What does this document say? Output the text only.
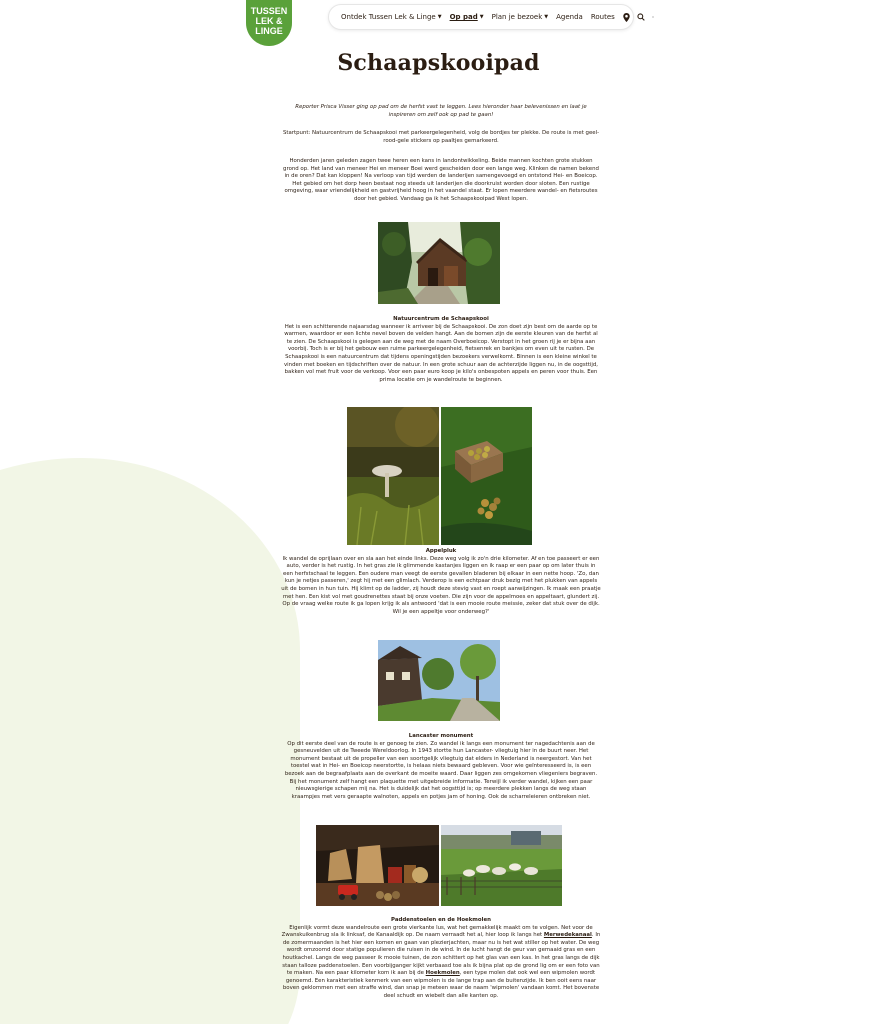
TUSSEN
LEK &
LINGE
Ontdek Tussen Lek & Linge ▼ Op pad ▼ Plan je bezoek ▼ Agenda Routes
Schaapskooipad

Reporter Prisca Visser ging op pad om de herfst vast te leggen. Lees hieronder haar belevenissen en laat je inspireren om zelf ook op pad te gaan!

Startpunt: Natuurcentrum de Schaapskooi met parkeergelegenheid, volg de bordjes ter plekke. De route is met geel-rood-gele stickers op paaltjes gemarkeerd.

Honderden jaren geleden zagen twee heren een kans in landontwikkeling. Beide mannen kochten grote stukken grond op. Het land van meneer Hei en meneer Boei werd gescheiden door een lange weg. Klinken de namen bekend in de oren? Dat kan kloppen! Na verloop van tijd werden de landerijen samengevoegd en ontstond Hei- en Boeicop. Het gebied om het dorp heen bestaat nog steeds uit landerijen die doorkruist worden door sloten. Een rustige omgeving, waar vriendelijkheid en gastvrijheid hoog in het vaandel staat. Er lopen meerdere wandel- en fietsroutes door het gebied. Vandaag ga ik het Schaapskooipad West lopen.

Natuurcentrum de Schaapskooi
Het is een schitterende najaarsdag wanneer ik arriveer bij de Schaapskooi. De zon doet zijn best om de aarde op te warmen, waardoor er een lichte nevel boven de velden hangt. Aan de bomen zijn de eerste kleuren van de herfst al te zien. De Schaapskooi is gelegen aan de weg met de naam Overboeicop. Verstopt in het groen rij je er bijna aan voorbij. Toch is er bij het gebouw een ruime parkeergelegenheid, fietsenrek en bankjes om even uit te rusten. De Schaapskooi is een natuurcentrum dat tijdens openingstijden bezoekers verwelkomt. Binnen is een kleine winkel te vinden met boeken en tijdschriften over de natuur. In een grote schuur aan de achterzijde liggen nu, in de oogsttijd, bakken vol met fruit voor de verkoop. Voor een paar euro koop je kilo's onbespoten appels en peren voor thuis. Een prima locatie om je wandelroute te beginnen.

Appelpluk
Ik wandel de oprijlaan over en sla aan het einde links. Deze weg volg ik zo'n drie kilometer. Af en toe passeert er een auto, verder is het rustig. In het gras zie ik glimmende kastanjes liggen en ik raap er een paar op om later thuis in een herfstschaal te leggen. Een oudere man veegt de eerste gevallen bladeren bij elkaar in een nette hoop. 'Zo, dan kun je netjes passeren,' zegt hij met een glimlach. Verderop is een echtpaar druk bezig met het plukken van appels uit de bomen in hun tuin. Hij klimt op de ladder, zij houdt deze stevig vast en roept aanwijzingen. Ik maak een praatje met hen. Een kist vol met goudrenettes staat bij onze voeten. Die zijn voor de appelmoes en appeltaart, glundert zij. Op de vraag welke route ik ga lopen krijg ik als antwoord 'dat is een mooie route meissie, zeker dat stuk over de dijk. Wil je een appeltje voor onderweg?'

Lancaster monument
Op dit eerste deel van de route is er genoeg te zien. Zo wandel ik langs een monument ter nagedachtenis aan de gesneuvelden uit de Tweede Wereldoorlog. In 1943 stortte hun Lancaster- vliegtuig hier in de buurt neer. Het monument bestaat uit de propeller van een soortgelijk vliegtuig dat elders in Nederland is neergestort. Van het toestel wat in Hei- en Boeicop neerstortte, is helaas niets bewaard gebleven. Voor wie geïnteresseerd is, is een bezoek aan de begraafplaats aan de overkant de moeite waard. Daar liggen zes omgekomen vliegeniers begraven. Bij het monument zelf hangt een plaquette met uitgebreide informatie. Terwijl ik verder wandel, kijken een paar nieuwsgierige schapen mij na. Het is duidelijk dat het oogsttijd is; op meerdere plekken langs de weg staan kraampjes met vers geraapte walnoten, appels en potjes jam of honing. Ook de scharreleieren ontbreken niet.

Paddenstoelen en de Hoekmolen
Eigenlijk vormt deze wandelroute een grote vierkante lus, wat het gemakkelijk maakt om te volgen. Net voor de Zwanskuikenbrug sla ik linksaf, de Kanaaldijk op. De naam verraadt het al, hier loop ik langs het Merwedekanaal. In de zomermaanden is het hier een komen en gaan van plezierjachten, maar nu is het wat stiller op het water. De weg wordt omzoomd door statige populieren die ruisen in de wind. In de lucht hangt de geur van gemaaid gras en een houtkachel. Langs de weg passeer ik mooie tuinen, de zon schittert op het glas van een kas. In het gras langs de dijk staan talloze paddenstoelen. Een voorbijganger kijkt verbaasd toe als ik bijna plat op de grond lig om er een foto van te maken. Na een paar kilometer kom ik aan bij de Hoekmolen, een type molen dat ook wel een wipmolen wordt genoemd. Een karakteristiek kenmerk van een wipmolen is de lange trap aan de buitenzijde. Ik ben ooit eens naar boven geklommen met een straffe wind, dan snap je meteen waar de naam 'wipmolen' vandaan komt. Het bovenste deel schudt en wiebelt dan alle kanten op.
